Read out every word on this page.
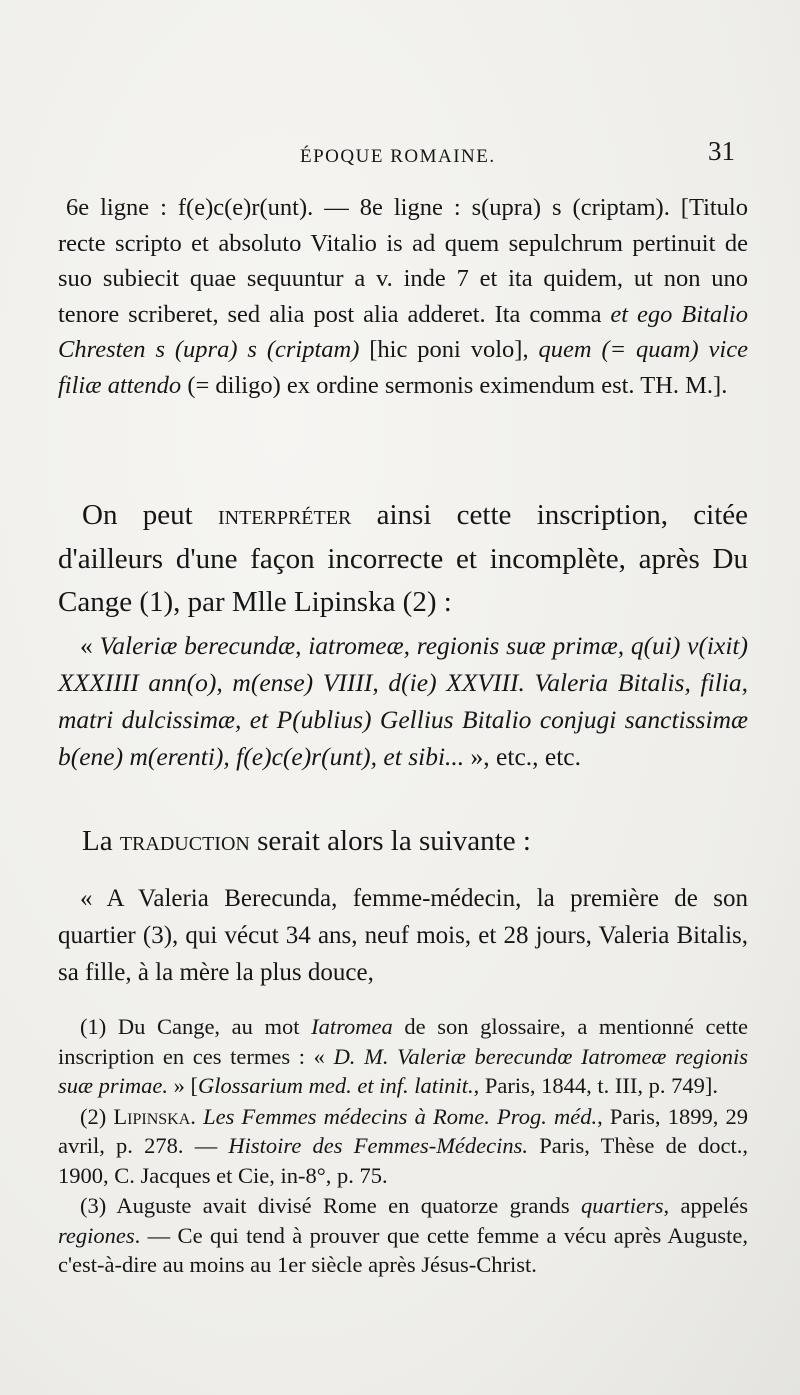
ÉPOQUE ROMAINE.	31

6e ligne : f(e)c(e)r(unt). — 8e ligne : s(upra) s (criptam). [Titulo recte scripto et absoluto Vitalio is ad quem sepulchrum pertinuit de suo subiecit quae sequuntur a v. inde 7 et ita quidem, ut non uno tenore scriberet, sed alia post alia adderet. Ita comma et ego Bitalio Chresten s (upra) s (criptam) [hic poni volo], quem (= quam) vice filiæ attendo (= diligo) ex ordine sermonis eximendum est. TH. M.].

On peut interpréter ainsi cette inscription, citée d'ailleurs d'une façon incorrecte et incomplète, après Du Cange (1), par Mlle Lipinska (2) :

« Valeriæ berecundæ, iatromeæ, regionis suæ primæ, q(ui) v(ixit) XXXIIII ann(o), m(ense) VIIII, d(ie) XXVIII. Valeria Bitalis, filia, matri dulcissimæ, et P(ublius) Gellius Bitalio conjugi sanctissimæ b(ene) m(erenti), f(e)c(e)r(unt), et sibi... », etc., etc.

La traduction serait alors la suivante :

« A Valeria Berecunda, femme-médecin, la première de son quartier (3), qui vécut 34 ans, neuf mois, et 28 jours, Valeria Bitalis, sa fille, à la mère la plus douce,

(1) Du Cange, au mot Iatromea de son glossaire, a mentionné cette inscription en ces termes : « D. M. Valeriæ berecundœ Iatromeæ regionis suæ primae. » [Glossarium med. et inf. latinit., Paris, 1844, t. III, p. 749].

(2) Lipinska. Les Femmes médecins à Rome. Prog. méd., Paris, 1899, 29 avril, p. 278. — Histoire des Femmes-Médecins. Paris, Thèse de doct., 1900, C. Jacques et Cie, in-8°, p. 75.

(3) Auguste avait divisé Rome en quatorze grands quartiers, appelés regiones. — Ce qui tend à prouver que cette femme a vécu après Auguste, c'est-à-dire au moins au 1er siècle après Jésus-Christ.
